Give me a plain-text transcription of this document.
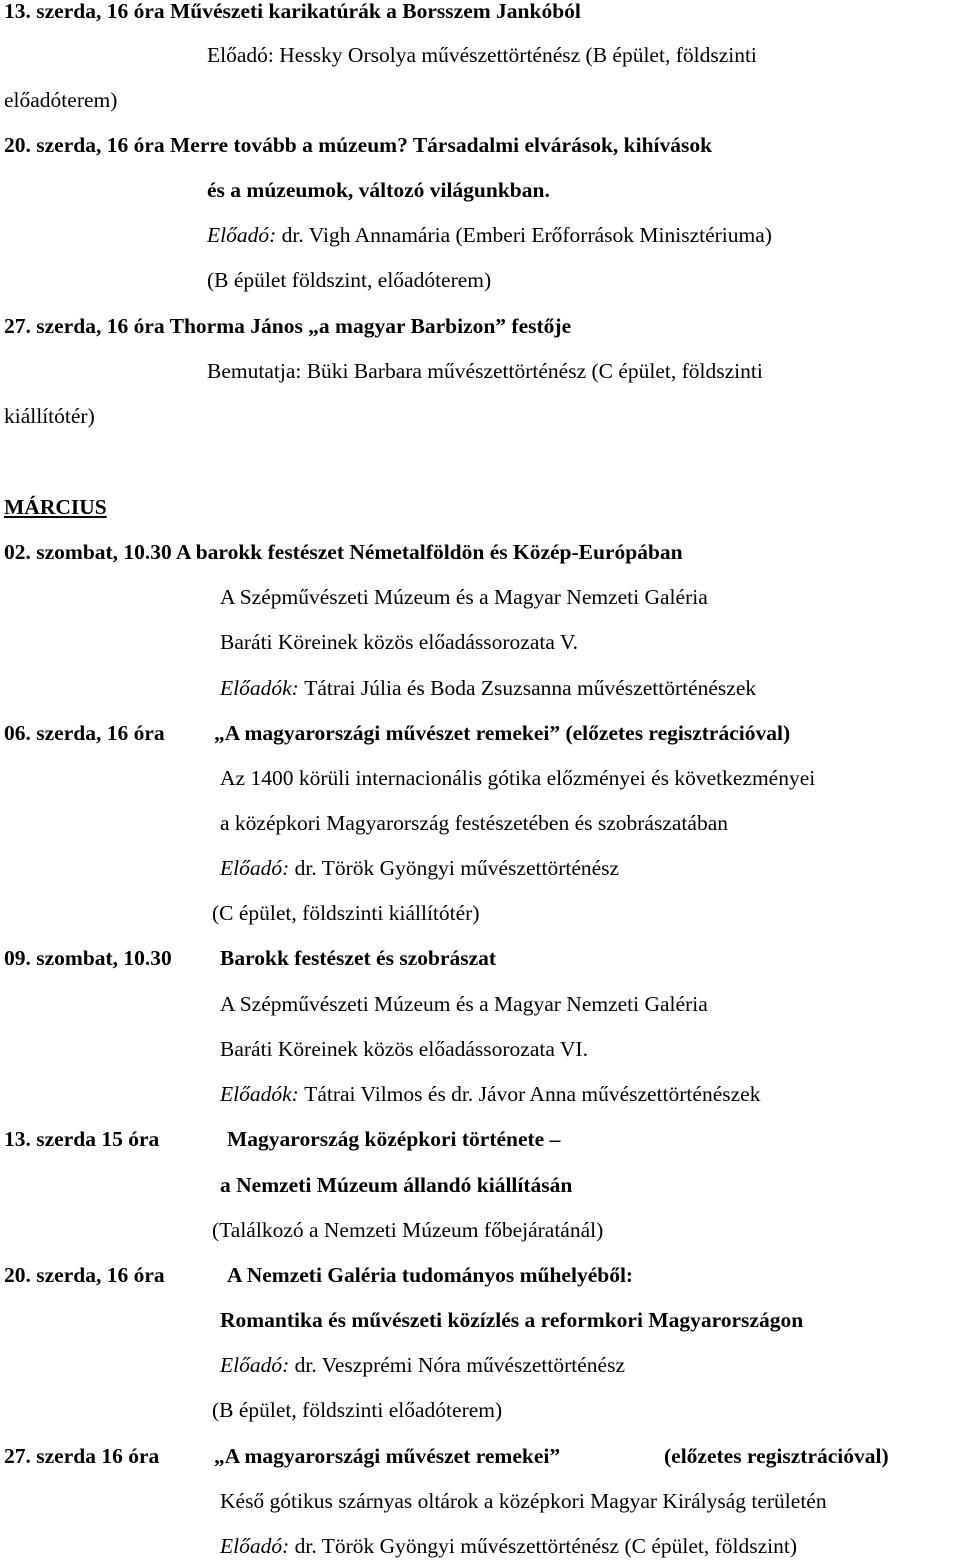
13. szerda, 16 óra Művészeti karikatúrák a Borsszem Jankóból
Előadó: Hessky Orsolya művészettörténész (B épület, földszinti
előadóterem)
20. szerda, 16 óra Merre tovább a múzeum? Társadalmi elvárások, kihívások
és a múzeumok, változó világunkban.
Előadó: dr. Vigh Annamária (Emberi Erőforrások Minisztériuma)
(B épület földszint, előadóterem)
27. szerda, 16 óra Thorma János „a magyar Barbizon” festője
Bemutatja: Büki Barbara művészettörténész (C épület, földszinti
kiállítótér)
MÁRCIUS
02. szombat, 10.30 A barokk festészet Németalföldön és Közép-Európában
A Szépművészeti Múzeum és a Magyar Nemzeti Galéria
Baráti Köreinek közös előadássorozata V.
Előadók: Tátrai Júlia és Boda Zsuzsanna művészettörténészek
06. szerda, 16 óra „A magyarországi művészet remekei” (előzetes regisztrációval)
Az 1400 körüli internacionális gótika előzményei és következményei
a középkori Magyarország festészetében és szobrászatában
Előadó: dr. Török Gyöngyi művészettörténész
(C épület, földszinti kiállítótér)
09. szombat, 10.30 Barokk festészet és szobrászat
A Szépművészeti Múzeum és a Magyar Nemzeti Galéria
Baráti Köreinek közös előadássorozata VI.
Előadók: Tátrai Vilmos és dr. Jávor Anna művészettörténészek
13. szerda 15 óra	Magyarország középkori története –
a Nemzeti Múzeum állandó kiállításán
(Találkozó a Nemzeti Múzeum főbejáratánál)
20. szerda, 16 óra	A Nemzeti Galéria tudományos műhelyéből:
Romantika és művészeti közízlés a reformkori Magyarországon
Előadó: dr. Veszprémi Nóra művészettörténész
(B épület, földszinti előadóterem)
27. szerda 16 óra	„A magyarországi művészet remekei”	(előzetes regisztrációval)
Késő gótikus szárnyas oltárok a középkori Magyar Királyság területén
Előadó: dr. Török Gyöngyi művészettörténész (C épület, földszint)
